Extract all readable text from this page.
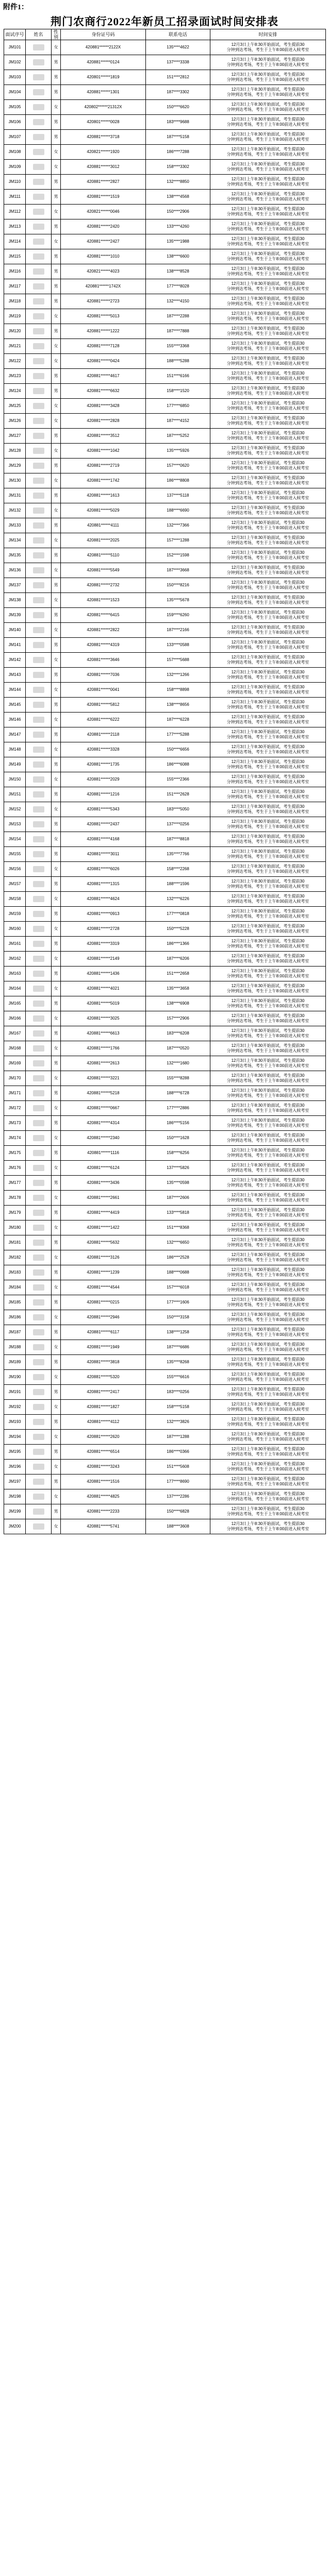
附件1：
荆门农商行2022年新员工招录面试时间安排表
面试序号	姓名	性别	身份证号码	联系电话	时间安排
JM101		女	420881******2122X	135****4622	12月3日上午8:30开始面试，考生提前30
分钟到达考场，考生于上午8:00前进入候考室

JM102		男	420881******0124	137****3338	12月3日上午8:30开始面试，考生提前30
分钟到达考场，考生于上午8:00前进入候考室

JM103		男	420801******1819	151****2812	12月3日上午8:30开始面试，考生提前30
分钟到达考场，考生于上午8:00前进入候考室

JM104		男	420881******1301	187****3302	12月3日上午8:30开始面试，考生提前30
分钟到达考场，考生于上午8:00前进入候考室

JM105		女	420802******21312X	150****6620	12月3日上午8:30开始面试，考生提前30
分钟到达考场，考生于上午8:00前进入候考室

JM106		男	420801******0028	183****9688	12月3日上午8:30开始面试，考生提前30
分钟到达考场，考生于上午8:00前进入候考室

JM107		男	420881******3718	187****5158	12月3日上午8:30开始面试，考生提前30
分钟到达考场，考生于上午8:00前进入候考室

JM108		女	420821******1920	186****7288	12月3日上午8:30开始面试，考生提前30
分钟到达考场，考生于上午8:00前进入候考室

JM109		女	420881******3012	158****3302	12月3日上午8:30开始面试，考生提前30
分钟到达考场，考生于上午8:00前进入候考室

JM110		男	420881******2827	132****8850	12月3日上午8:30开始面试，考生提前30
分钟到达考场，考生于上午8:00前进入候考室

JM111		男	420881******1519	138****4568	12月3日上午8:30开始面试，考生提前30
分钟到达考场，考生于上午8:00前进入候考室

JM112		女	420821******0046	150****2906	12月3日上午8:30开始面试，考生提前30
分钟到达考场，考生于上午8:00前进入候考室

JM113		男	420881******2420	133****4260	12月3日上午8:30开始面试，考生提前30
分钟到达考场，考生于上午8:00前进入候考室

JM114		女	420881******2427	135****1988	12月3日上午8:30开始面试，考生提前30
分钟到达考场，考生于上午8:00前进入候考室

JM115		男	420881******1010	138****6600	12月3日上午8:30开始面试，考生提前30
分钟到达考场，考生于上午8:00前进入候考室

JM116		男	420821******4023	138****8528	12月3日上午8:30开始面试，考生提前30
分钟到达考场，考生于上午8:00前进入候考室

JM117		男	420881******1742X	177****8028	12月3日上午8:30开始面试，考生提前30
分钟到达考场，考生于上午8:00前进入候考室

JM118		男	420881******2723	132****4150	12月3日上午8:30开始面试，考生提前30
分钟到达考场，考生于上午8:00前进入候考室

JM119		女	420881******5013	187****2288	12月3日上午8:30开始面试，考生提前30
分钟到达考场，考生于上午8:00前进入候考室

JM120		男	420881******1222	187****7888	12月3日上午8:30开始面试，考生提前30
分钟到达考场，考生于上午8:00前进入候考室

JM121		女	420881******7128	155****3368	12月3日上午8:30开始面试，考生提前30
分钟到达考场，考生于上午8:00前进入候考室

JM122		女	420881******0424	188****5288	12月3日上午8:30开始面试，考生提前30
分钟到达考场，考生于上午8:00前进入候考室

JM123		男	420881******4617	151****6166	12月3日上午8:30开始面试，考生提前30
分钟到达考场，考生于上午8:00前进入候考室

JM124		男	420881******6632	158****1520	12月3日上午8:30开始面试，考生提前30
分钟到达考场，考生于上午8:00前进入候考室

JM125		女	420881******3428	177****6850	12月3日上午8:30开始面试，考生提前30
分钟到达考场，考生于上午8:00前进入候考室

JM126		女	420881******2828	187****4152	12月3日上午8:30开始面试，考生提前30
分钟到达考场，考生于上午8:00前进入候考室

JM127		男	420881******3512	187****5252	12月3日上午8:30开始面试，考生提前30
分钟到达考场，考生于上午8:00前进入候考室

JM128		女	420881******1042	135****5926	12月3日上午8:30开始面试，考生提前30
分钟到达考场，考生于上午8:00前进入候考室

JM129		男	420881******2719	157****0620	12月3日上午8:30开始面试，考生提前30
分钟到达考场，考生于上午8:00前进入候考室

JM130		女	420881******1742	186****8808	12月3日上午8:30开始面试，考生提前30
分钟到达考场，考生于上午8:00前进入候考室

JM131		男	420881******1613	137****5118	12月3日上午8:30开始面试，考生提前30
分钟到达考场，考生于上午8:00前进入候考室

JM132		女	420881******5029	188****6690	12月3日上午8:30开始面试，考生提前30
分钟到达考场，考生于上午8:00前进入候考室

JM133		男	420881******4111	132****7366	12月3日上午8:30开始面试，考生提前30
分钟到达考场，考生于上午8:00前进入候考室

JM134		女	420881******2025	157****1288	12月3日上午8:30开始面试，考生提前30
分钟到达考场，考生于上午8:00前进入候考室

JM135		男	420881******5110	152****1598	12月3日上午8:30开始面试，考生提前30
分钟到达考场，考生于上午8:00前进入候考室

JM136		女	420881******5549	187****3668	12月3日上午8:30开始面试，考生提前30
分钟到达考场，考生于上午8:00前进入候考室

JM137		男	420881******2732	150****8216	12月3日上午8:30开始面试，考生提前30
分钟到达考场，考生于上午8:00前进入候考室

JM138		女	420881******1523	135****5678	12月3日上午8:30开始面试，考生提前30
分钟到达考场，考生于上午8:00前进入候考室

JM139		男	420881******6415	159****6260	12月3日上午8:30开始面试，考生提前30
分钟到达考场，考生于上午8:00前进入候考室

JM140		女	420881******2822	187****2166	12月3日上午8:30开始面试，考生提前30
分钟到达考场，考生于上午8:00前进入候考室

JM141		男	420881******4319	133****0588	12月3日上午8:30开始面试，考生提前30
分钟到达考场，考生于上午8:00前进入候考室

JM142		女	420881******3646	157****5688	12月3日上午8:30开始面试，考生提前30
分钟到达考场，考生于上午8:00前进入候考室

JM143		男	420881******7036	132****1266	12月3日上午8:30开始面试，考生提前30
分钟到达考场，考生于上午8:00前进入候考室

JM144		女	420881******0041	158****8898	12月3日上午8:30开始面试，考生提前30
分钟到达考场，考生于上午8:00前进入候考室

JM145		男	420881******5812	138****8656	12月3日上午8:30开始面试，考生提前30
分钟到达考场，考生于上午8:00前进入候考室

JM146		女	420881******6222	187****6228	12月3日上午8:30开始面试，考生提前30
分钟到达考场，考生于上午8:00前进入候考室

JM147		男	420881******2118	177****5288	12月3日上午8:30开始面试，考生提前30
分钟到达考场，考生于上午8:00前进入候考室

JM148		女	420881******3328	150****6656	12月3日上午8:30开始面试，考生提前30
分钟到达考场，考生于上午8:00前进入候考室

JM149		男	420881******1735	186****6088	12月3日上午8:30开始面试，考生提前30
分钟到达考场，考生于上午8:00前进入候考室

JM150		女	420881******2029	155****2366	12月3日上午8:30开始面试，考生提前30
分钟到达考场，考生于上午8:00前进入候考室

JM151		男	420881******1216	151****2628	12月3日上午8:30开始面试，考生提前30
分钟到达考场，考生于上午8:00前进入候考室

JM152		女	420881******5343	183****5050	12月3日上午8:30开始面试，考生提前30
分钟到达考场，考生于上午8:00前进入候考室

JM153		男	420881******2437	137****0256	12月3日上午8:30开始面试，考生提前30
分钟到达考场，考生于上午8:00前进入候考室

JM154		女	420881******4168	187****8818	12月3日上午8:30开始面试，考生提前30
分钟到达考场，考生于上午8:00前进入候考室

JM155		男	420881******3011	135****7766	12月3日上午8:30开始面试，考生提前30
分钟到达考场，考生于上午8:00前进入候考室

JM156		女	420881******6026	158****2268	12月3日上午8:30开始面试，考生提前30
分钟到达考场，考生于上午8:00前进入候考室

JM157		男	420881******1315	188****1596	12月3日上午8:30开始面试，考生提前30
分钟到达考场，考生于上午8:00前进入候考室

JM158		女	420881******4624	132****6226	12月3日上午8:30开始面试，考生提前30
分钟到达考场，考生于上午8:00前进入候考室

JM159		男	420881******0913	177****0818	12月3日上午8:30开始面试，考生提前30
分钟到达考场，考生于上午8:00前进入候考室

JM160		女	420881******2728	150****5228	12月3日上午8:30开始面试，考生提前30
分钟到达考场，考生于上午8:00前进入候考室

JM161		男	420881******3319	186****1366	12月3日上午8:30开始面试，考生提前30
分钟到达考场，考生于上午8:00前进入候考室

JM162		女	420881******2149	187****6206	12月3日上午8:30开始面试，考生提前30
分钟到达考场，考生于上午8:00前进入候考室

JM163		男	420881******1436	151****2658	12月3日上午8:30开始面试，考生提前30
分钟到达考场，考生于上午8:00前进入候考室

JM164		女	420881******4021	135****3658	12月3日上午8:30开始面试，考生提前30
分钟到达考场，考生于上午8:00前进入候考室

JM165		男	420881******5019	138****6908	12月3日上午8:30开始面试，考生提前30
分钟到达考场，考生于上午8:00前进入候考室

JM166		女	420881******3025	157****2906	12月3日上午8:30开始面试，考生提前30
分钟到达考场，考生于上午8:00前进入候考室

JM167		男	420881******6613	183****6208	12月3日上午8:30开始面试，考生提前30
分钟到达考场，考生于上午8:00前进入候考室

JM168		女	420881******1766	187****0520	12月3日上午8:30开始面试，考生提前30
分钟到达考场，考生于上午8:00前进入候考室

JM169		男	420881******2613	132****1680	12月3日上午8:30开始面试，考生提前30
分钟到达考场，考生于上午8:00前进入候考室

JM170		女	420881******3221	155****8288	12月3日上午8:30开始面试，考生提前30
分钟到达考场，考生于上午8:00前进入候考室

JM171		男	420881******5218	188****6728	12月3日上午8:30开始面试，考生提前30
分钟到达考场，考生于上午8:00前进入候考室

JM172		女	420881******0667	177****2886	12月3日上午8:30开始面试，考生提前30
分钟到达考场，考生于上午8:00前进入候考室

JM173		男	420881******4314	186****5156	12月3日上午8:30开始面试，考生提前30
分钟到达考场，考生于上午8:00前进入候考室

JM174		女	420881******2340	150****1628	12月3日上午8:30开始面试，考生提前30
分钟到达考场，考生于上午8:00前进入候考室

JM175		男	420881******1116	158****6256	12月3日上午8:30开始面试，考生提前30
分钟到达考场，考生于上午8:00前进入候考室

JM176		女	420881******6124	137****5826	12月3日上午8:30开始面试，考生提前30
分钟到达考场，考生于上午8:00前进入候考室

JM177		男	420881******3436	135****0598	12月3日上午8:30开始面试，考生提前30
分钟到达考场，考生于上午8:00前进入候考室

JM178		女	420881******2661	187****2606	12月3日上午8:30开始面试，考生提前30
分钟到达考场，考生于上午8:00前进入候考室

JM179		男	420881******4419	133****5818	12月3日上午8:30开始面试，考生提前30
分钟到达考场，考生于上午8:00前进入候考室

JM180		女	420881******1422	151****8368	12月3日上午8:30开始面试，考生提前30
分钟到达考场，考生于上午8:00前进入候考室

JM181		男	420881******5632	132****6650	12月3日上午8:30开始面试，考生提前30
分钟到达考场，考生于上午8:00前进入候考室

JM182		女	420881******3126	186****2528	12月3日上午8:30开始面试，考生提前30
分钟到达考场，考生于上午8:00前进入候考室

JM183		男	420881******1239	188****0688	12月3日上午8:30开始面试，考生提前30
分钟到达考场，考生于上午8:00前进入候考室

JM184		女	420881******4544	157****6018	12月3日上午8:30开始面试，考生提前30
分钟到达考场，考生于上午8:00前进入候考室

JM185		男	420881******0215	177****1606	12月3日上午8:30开始面试，考生提前30
分钟到达考场，考生于上午8:00前进入候考室

JM186		女	420881******2946	150****3158	12月3日上午8:30开始面试，考生提前30
分钟到达考场，考生于上午8:00前进入候考室

JM187		男	420881******6117	138****1258	12月3日上午8:30开始面试，考生提前30
分钟到达考场，考生于上午8:00前进入候考室

JM188		女	420881******1949	187****6686	12月3日上午8:30开始面试，考生提前30
分钟到达考场，考生于上午8:00前进入候考室

JM189		男	420881******3818	135****8268	12月3日上午8:30开始面试，考生提前30
分钟到达考场，考生于上午8:00前进入候考室

JM190		女	420881******5320	155****6616	12月3日上午8:30开始面试，考生提前30
分钟到达考场，考生于上午8:00前进入候考室

JM191		男	420881******2417	183****0256	12月3日上午8:30开始面试，考生提前30
分钟到达考场，考生于上午8:00前进入候考室

JM192		女	420881******1827	158****5158	12月3日上午8:30开始面试，考生提前30
分钟到达考场，考生于上午8:00前进入候考室

JM193		男	420881******4112	132****3826	12月3日上午8:30开始面试，考生提前30
分钟到达考场，考生于上午8:00前进入候考室

JM194		女	420881******2620	187****1288	12月3日上午8:30开始面试，考生提前30
分钟到达考场，考生于上午8:00前进入候考室

JM195		男	420881******6514	186****0366	12月3日上午8:30开始面试，考生提前30
分钟到达考场，考生于上午8:00前进入候考室

JM196		女	420881******3243	151****5608	12月3日上午8:30开始面试，考生提前30
分钟到达考场，考生于上午8:00前进入候考室

JM197		男	420881******1516	177****8690	12月3日上午8:30开始面试，考生提前30
分钟到达考场，考生于上午8:00前进入候考室

JM198		女	420881******4825	137****2286	12月3日上午8:30开始面试，考生提前30
分钟到达考场，考生于上午8:00前进入候考室

JM199		男	420881******2233	150****6828	12月3日上午8:30开始面试，考生提前30
分钟到达考场，考生于上午8:00前进入候考室

JM200		女	420881******5741	188****3608	12月3日上午8:30开始面试，考生提前30
分钟到达考场，考生于上午8:00前进入候考室
